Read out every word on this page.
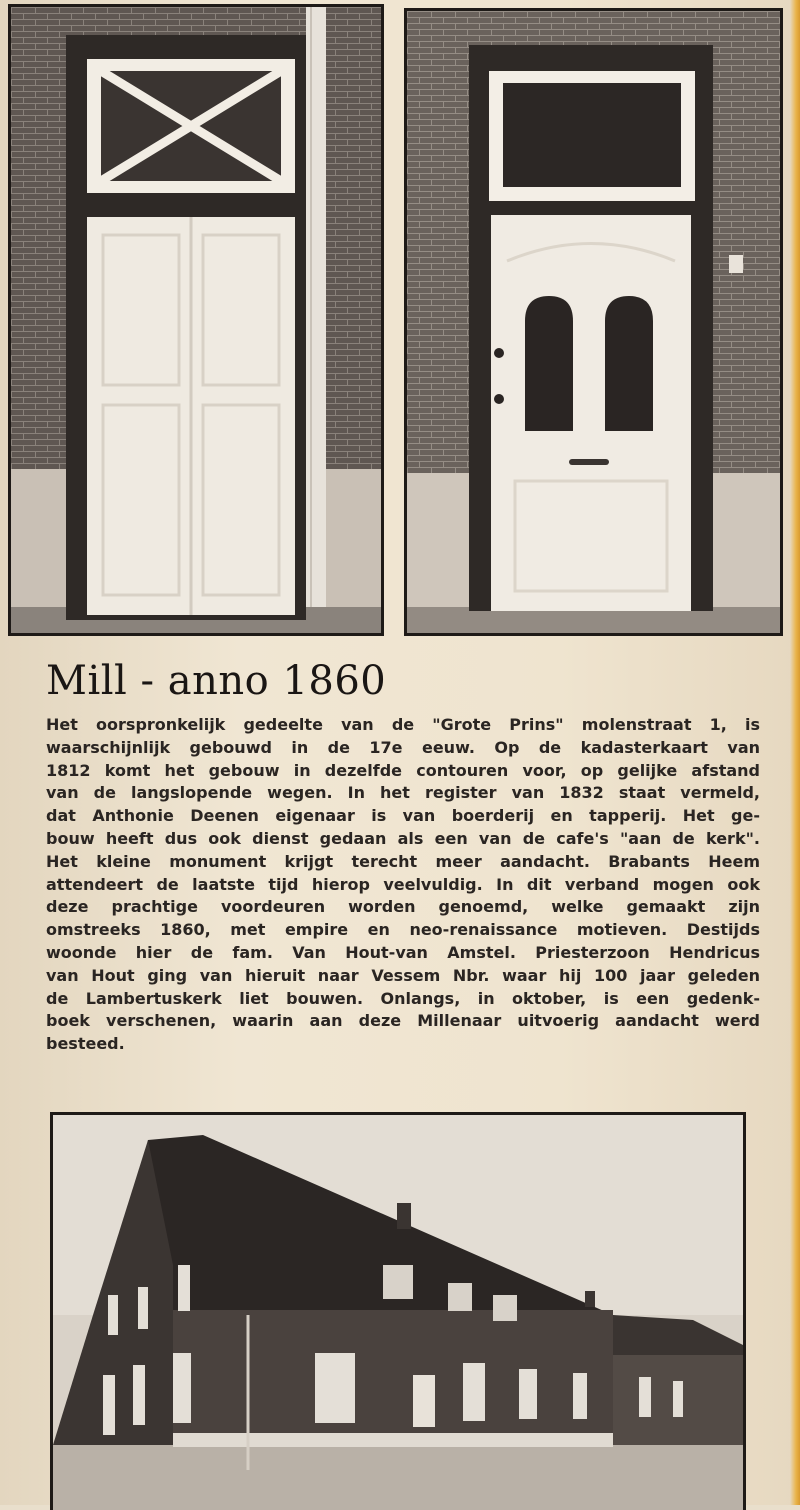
Mill - anno 1860
Het oorspronkelijk gedeelte van de "Grote Prins" molenstraat 1, is
waarschijnlijk gebouwd in de 17e eeuw. Op de kadasterkaart van
1812 komt het gebouw in dezelfde contouren voor, op gelijke afstand
van de langslopende wegen. In het register van 1832 staat vermeld,
dat Anthonie Deenen eigenaar is van boerderij en tapperij. Het ge-
bouw heeft dus ook dienst gedaan als een van de cafe's "aan de kerk".
Het kleine monument krijgt terecht meer aandacht. Brabants Heem
attendeert de laatste tijd hierop veelvuldig. In dit verband mogen ook
deze prachtige voordeuren worden genoemd, welke gemaakt zijn
omstreeks 1860, met empire en neo-renaissance motieven. Destijds
woonde hier de fam. Van Hout-van Amstel. Priesterzoon Hendricus
van Hout ging van hieruit naar Vessem Nbr. waar hij 100 jaar geleden
de Lambertuskerk liet bouwen. Onlangs, in oktober, is een gedenk-
boek verschenen, waarin aan deze Millenaar uitvoerig aandacht werd
besteed.
